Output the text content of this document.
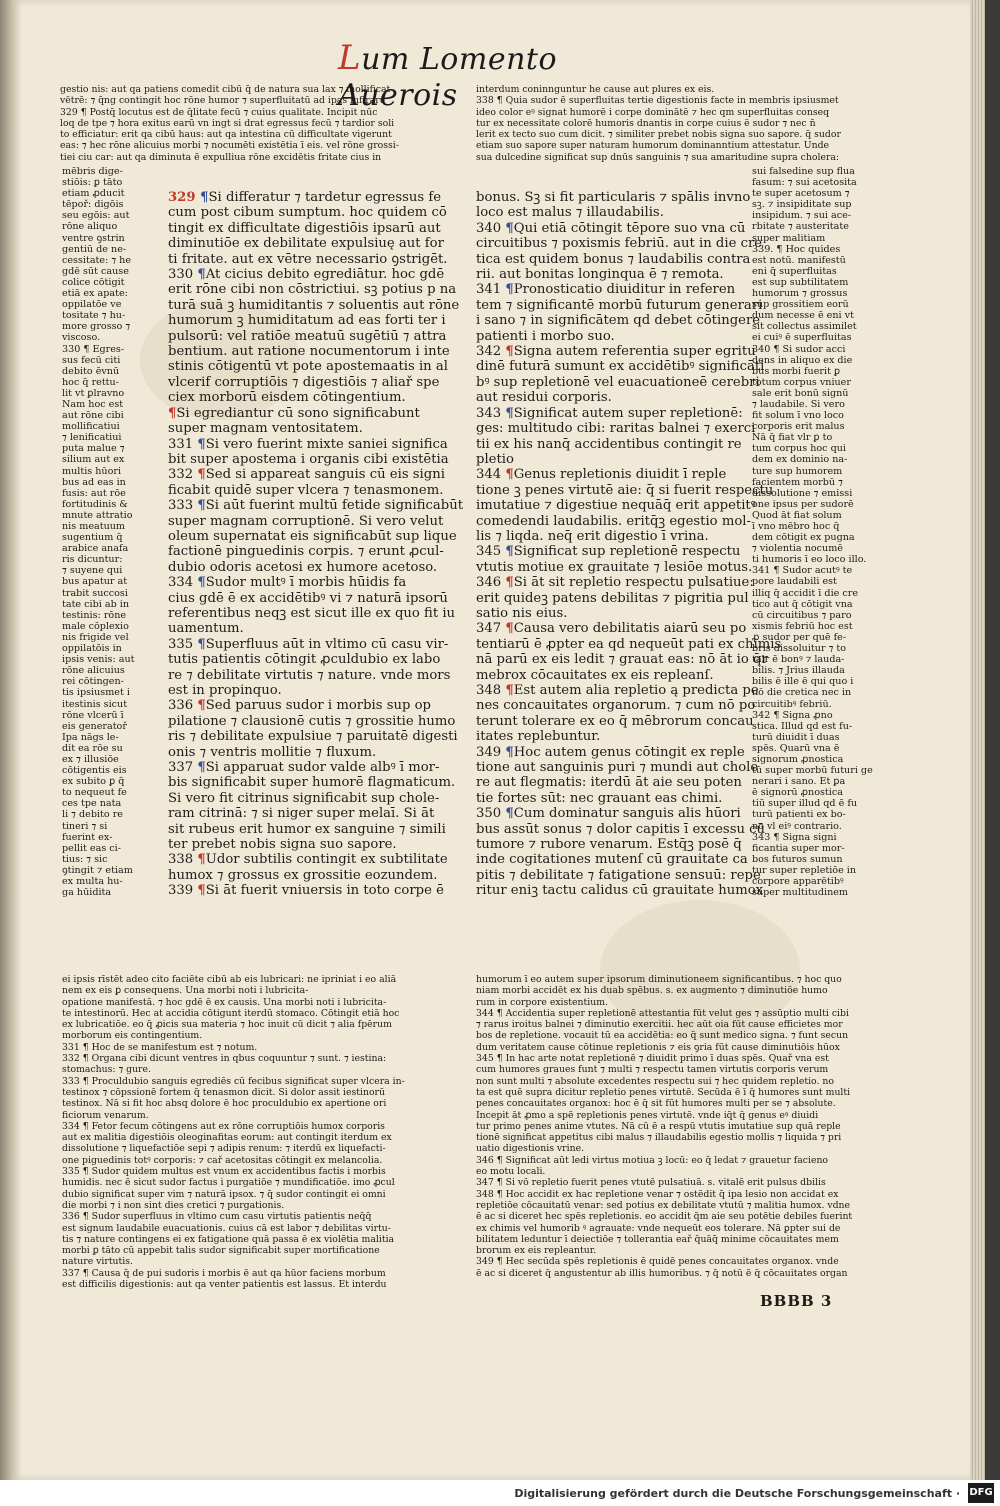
Lum Lomento Auerois

gestio nis: aut qa patiens comedit cibū q̄ de natura sua lax ⁊ mollificat

vētrē: ⁊ q̄ng contingit hoc rōne humor ⁊ superfluitatū ad ipas infirarū

329 ¶ Postq̄ locutus est de q̄litate fecū ⁊ cuius qualitate. Incipit nūc

loq de tpe ⁊ hora exitus earū vn ingt si drat egressus fecū ⁊ tardior soli

to efficiatur: erit qa cibū haus: aut qa intestina cū difficultate vigerunt

eas: ⁊ hec rōne alicuius morbi ⁊ nocumēti existētia ī eis. vel rōne grossi-

tiei ciu car: aut qa diminuta ē expulliua rōne excidētis fritate cius in

mēbris dige-

stiōis: ꝑ tāto

etiam ꝓducit

tēpoř: digōis

seu egōis: aut

rōne aliquo

ventre ꝯstrin

gentiū de ne-

cessitate: ⁊ he

gdē sūt cause

colice cōtigit

etiā ex apate:

oppilatōe ve

tositate ⁊ hu-

more grosso ⁊

viscoso.

330 ¶ Egres-

sus fecū citi

debito ēvnū

hoc q̄ rettu-

lit vt ꝑlravno

Nam hoc est

aut rōne cibi

mollificatiui

⁊ lenificatiui

puta malue ⁊

silium aut ex

multis hūori

bus ad eas in

fusis: aut rōe

fortitudinis &

mnute attratio

nis meatuum

sugentium q̄

arabice anafa

ris dicuntur:

⁊ suyene qui

bus apatur at

trabit succosi

tate cibi ab in

testinis: rōne

male cōplexio

nis frigide vel

oppilatōis in

ipsis venis: aut

rōne alicuius

rei cōtingen-

tis ipsiusmet i

itestinis sicut

rōne vlcerū ī

eis generatoř

Ipa nāgs le-

dit ea rōe su

ex ⁊ illusiōe

cōtigentis eis

ex subito ꝑ q̄

to nequeut fe

ces tpe nata

li ⁊ debito re

tineri ⁊ si

fuerint ex-

pellit eas ci-

tius: ⁊ sic

ꝯtingit ⁊ etiam

ex multa hu-

ga hūidita

329 ¶Si differatur ⁊ tardetur egressus fe

cum post cibum sumptum. hoc quidem cō

tingit ex difficultate digestiōis ipsarū aut

diminutiōe ex debilitate expulsiuę aut for

ti fritate. aut ex vētre necessario ꝯstrigēt.

330 ¶At cicius debito egrediātur. hoc gdē

erit rōne cibi non cōstrictiui. sꝫ potius p na

turā suā ꝫ humiditantis ⁊ soluentis aut rōne

humorum ꝫ humiditatum ad eas forti ter i

pulsorū: vel ratiōe meatuū sugētiū ⁊ attra

bentium. aut ratione nocumentorum i inte

stinis cōtigentū vt pote apostemaatis in al

vlcerif corruptiōis ⁊ digestiōis ⁊ aliař spe

ciex morborū eisdem cōtingentium.

¶Si egrediantur cū sono significabunt

super magnam ventositatem.

331 ¶Si vero fuerint mixte saniei significa

bit super apostema i organis cibi existētia

332 ¶Sed si appareat sanguis cū eis signi

ficabit quidē super vlcera ⁊ tenasmonem.

333 ¶Si aūt fuerint multū fetide significabūt

super magnam corruptionē. Si vero velut

oleum supernatat eis significabūt sup lique

factionē pinguedinis corpis. ⁊ erunt ꝓcul-

dubio odoris acetosi ex humore acetoso.

334 ¶Sudor multꝰ ī morbis hūidis fa

cius gdē ē ex accidētibꝰ vi ⁊ naturā ipsorū

referentibus neqꝫ est sicut ille ex quo fit iu

uamentum.

335 ¶Superfluus aūt in vltimo cū casu vir-

tutis patientis cōtingit ꝓculdubio ex labo

re ⁊ debilitate virtutis ⁊ nature. vnde mors

est in propinquo.

336 ¶Sed paruus sudor i morbis sup op

pilatione ⁊ clausionē cutis ⁊ grossitie humo

ris ⁊ debilitate expulsiue ⁊ paruitatē digesti

onis ⁊ ventris mollitie ⁊ fluxum.

337 ¶Si apparuat sudor valde albꝰ ī mor-

bis significabit super humorē flagmaticum.

Si vero fit citrinus significabit sup chole-

ram citrinā: ⁊ si niger super melaī. Si āt

sit rubeus erit humor ex sanguine ⁊ simili

ter prebet nobis signa suo sapore.

338 ¶Udor subtilis contingit ex subtilitate

humox ⁊ grossus ex grossitie eozundem.

339 ¶Si āt fuerit vniuersis in toto corpe ē

ei ipsis rīstēt adeo cito faciēte cibū ab eis lubricari: ne ipriniat i eo aliā

nem ex eis ꝑ consequens. Una morbi noti i lubricita-

opatione manifestā. ⁊ hoc gdē ē ex causis. Una morbi noti i lubricita-

te intestinorū. Hec at accidia cōtigunt iterdū stomaco. Cōtingit etiā hoc

ex lubricatiōe. eo q̄ ꝓicis sua materia ⁊ hoc inuit cū dicit ⁊ alia fpērum

morborum eis contingentium.

331 ¶ Hoc de se manifestum est ⁊ notum.

332 ¶ Organa cibi dicunt ventres in qbus coquuntur ⁊ sunt. ⁊ iestina:

stomachus: ⁊ gure.

333 ¶ Proculdubio sanguis egrediēs cū fecibus significat super vlcera in-

testinox ⁊ cōpssionē fortem q̄ tenasmon dicit. Si dolor assit iestinorū

testinox. Nā si fit hoc absq dolore ē hoc proculdubio ex apertione ori

ficiorum venarum.

334 ¶ Fetor fecum cōtingens aut ex rōne corruptiōis humox corporis

aut ex malitia digestiōis oleoginafitas eorum: aut contingit iterdum ex

dissolutione ⁊ liquefactiōe sepi ⁊ adipis renum: ⁊ iterdū ex liquefacti-

one piguedinis totꝰ corporis: ⁊ cař acetositas cōtingit ex melancolia.

335 ¶ Sudor quidem multus est vnum ex accidentibus factis i morbis

humidis. nec ē sicut sudor factus i purgatiōe ⁊ mundificatiōe. imo ꝓcul

dubio significat super vim ⁊ naturā ipsox. ⁊ q̄ sudor contingit ei omni

die morbi ⁊ i non sint dies cretici ⁊ purgationis.

336 ¶ Sudor superfluus in vltimo cum casu virtutis patientis neq̄q̄

est signum laudabile euacuationis. cuius cā est labor ⁊ debilitas virtu-

tis ⁊ nature contingens ei ex fatigatione quā passa ē ex violētia malitia

morbi ꝑ tāto cū appebit talis sudor significabit super mortificatione

nature virtutis.

337 ¶ Causa q̄ de pui sudoris i morbis ē aut qa hūor faciens morbum

est difficilis digestionis: aut qa venter patientis est lassus. Et interdu

interdum coninnguntur he cause aut plures ex eis.

338 ¶ Quia sudor ē superfluitas tertie digestionis facte in membris ipsiusmet

ideo color eꝰ signat humorē i corpe dominātē ⁊ hec qm superfluitas conseq

tur ex necessitate colorē humoris dnantis in corpe cuius ē sudor ⁊ nec n̄

lerit ex tecto suo cum dicit. ⁊ similiter prebet nobis signa suo sapore. q̄ sudor

etiam suo sapore super naturam humorum dominanntium attestatur. Unde

sua dulcedine significat sup dnūs sanguinis ⁊ sua amaritudine supra cholera:

bonus. Sꝫ si fit particularis ⁊ spālis invno

loco est malus ⁊ illaudabilis.

340 ¶Qui etiā cōtingit tēpore suo vna cū

circuitibus ⁊ poxismis febriū. aut in die cre

tica est quidem bonus ⁊ laudabilis contra

rii. aut bonitas longinqua ē ⁊ remota.

341 ¶Pronosticatio diuiditur in referen

tem ⁊ significantē morbū futurum generari

i sano ⁊ in significātem qd debet cōtingere

patienti i morbo suo.

342 ¶Signa autem referentia super egritu

dinē futurā sumunt ex accidētibꝰ significāti

bꝰ sup repletionē vel euacuationeē cerebri

aut residui corporis.

343 ¶Significat autem super repletionē:

ges: multitudo cibi: raritas balnei ⁊ exerci

tii ex his nanq̄ accidentibus contingit re

pletio

344 ¶Genus repletionis diuidit ī reple

tione ꝫ penes virtutē aie: q̄ si fuerit respectu

imutatiue ⁊ digestiue nequāq̄ erit appetitꝰ

comedendi laudabilis. eritq̄ꝫ egestio mol-

lis ⁊ liqda. neq̄ erit digestio ī vrina.

345 ¶Significat sup repletionē respectu

vtutis motiue ex grauitate ⁊ lesiōe motus.

346 ¶Si āt sit repletio respectu pulsatiue:

erit quideꝫ patens debilitas ⁊ pigritia pul

satio nis eius.

347 ¶Causa vero debilitatis aiarū seu po

tentiarū ē ꝓpter ea qd nequeūt pati ex chimis

nā parū ex eis ledit ⁊ grauat eas: nō āt io q̄r

mebrox cōcauitates ex eis repleanſ.

348 ¶Est autem alia repletio ą predicta pe

nes concauitates organorum. ⁊ cum nō po

terunt tolerare ex eo q̄ mēbrorum concau

itates replebuntur.

349 ¶Hoc autem genus cōtingit ex reple

tione aut sanguinis puri ⁊ mundi aut chole

re aut flegmatis: iterdū āt aie seu poten

tie fortes sūt: nec grauant eas chimi.

350 ¶Cum dominatur sanguis alis hūori

bus assūt sonus ⁊ dolor capitis ī excessu cū

tumore ⁊ rubore venarum. Estq̄ꝫ posē q̄

inde cogitationes mutenſ cū grauitate ca

pitis ⁊ debilitate ⁊ fatigatione sensuū: repe

ritur eniꝫ tactu calidus cū grauitate humox

sui falsedine sup flua

fasum: ⁊ sui acetosita

te super acetosum ⁊

sꝫ. ⁊ insipiditate sup

insipidum. ⁊ sui ace-

rbitate ⁊ austeritate

super malitiam

339. ¶ Hoc quides

est notū. manifestū

eni q̄ superfluitas

est sup subtilitatem

humorum ⁊ grossus

sup grossitiem eorū

dum necesse ē eni vt

sit collectus assimilet

ei cuiꝰ ē superfluitas

340 ¶ Si sudor acci

dens in aliquo ex die

bus morbi fuerit ꝑ

totum corpus vniuer

sale erit bonū signū

⁊ laudabile. Si vero

fit solum ī vno loco

corporis erit malus

Nā q̄ fiat vlr ꝑ to

tum corpus hoc qui

dem ex dominio na-

ture sup humorem

facientem morbū ⁊

dissolutione ⁊ emissi

one ipsus per sudorē

Quod āt fiat solum

ī vno mēbro hoc q̄

dem cōtigit ex pugna

⁊ violentia nocumē

ti humoris ī eo loco illo.

341 ¶ Sudor acutꝰ te

pore laudabili est

illiq q̄ accidit ī die cre

tico aut q̄ cōtigit vna

cū circuitibus ⁊ paro

xismis febriū hoc est

ꝓ sudor per quē fe-

bris dissoluitur ⁊ to

talr ē bonꝰ ⁊ lauda-

bilis. ⁊ Jrius illauda

bilis ē ille ē qui quo i

nō die cretica nec in

circuitibꝰ febriū.

342 ¶ Signa ꝓno

stica. Illud qd est fu-

turū diuidit ī duas

spēs. Quarū vna ē

signorum ꝓnostica

tū super morbū futuri ge

nerari i sano. Et ꝑa

ē signorū ꝓnostica

tiū super illud qd ē fu

turū patienti ex bo-

no vl eiꝰ contrario.

343 ¶ Signa signi

ficantia super mor-

bos futuros sumun

tur super repletiōe in

corpore apparētibꝰ

super multitudinem

humorum ī eo autem super ipsorum diminutioneem significantibus. ⁊ hoc quo

niam morbi accidēt ex his duab spēbus. s. ex augmento ⁊ diminutiōe humo

rum in corpore existentium.

344 ¶ Accidentia super repletionē attestantia fūt velut ges ⁊ assūptio multi cibi

⁊ rarus iroitus balnei ⁊ diminutio exercitii. hec aūt oia fūt cause efficietes mor

bos de repletione. vocauit tū ea accidētia: eo q̄ sunt medico signa. ⁊ funt secun

dum veritatem cause cōtinue repletionis ⁊ eis ꝯria fūt cause diminutiōis hūox

345 ¶ In hac arte notat repletionē ⁊ diuidit primo ī duas spēs. Quař vna est

cum humores graues funt ⁊ multi ⁊ respectu tamen virtutis corporis verum

non sunt multi ⁊ absolute excedentes respectu sui ⁊ hec quidem repletio. no

ta est quē supra dicitur repletio penes virtutē. Secūda ē ī q̄ humores sunt multi

penes concauitates organox: hoc ē q̄ sit fūt humores multi per se ⁊ absolute.

Incepit āt ꝓmo a spē repletionis penes virtutē. vnde iq̄t q̄ genus eꝰ diuidi

tur primo penes anime vtutes. Nā cū ē a respū vtutis imutatiue sup quā reple

tionē significat appetitus cibi malus ⁊ illaudabilis egestio mollis ⁊ liquida ⁊ pri

uatio digestionis vrine.

346 ¶ Significat aūt ledi virtus motiua ꝫ locū: eo q̄ ledat ⁊ grauetur facieno

eo motu locali.

347 ¶ Si vō repletio fuerit penes vtutē pulsatiuā. s. vitalē erit pulsus dbilis

348 ¶ Hoc accidit ex hac repletione venar ⁊ ostēdit q̄ ipa lesio non accidat ex

repletiōe cōcauitatū venar: sed potius ex debilitate vtutū ⁊ malitia humox. vdne

ē ac si diceret hec spēs repletionis. eo accidit q̄m aie seu potētie debiles fuerint

ex chimis vel humorib ꝰ agrauate: vnde nequeūt eos tolerare. Nā ꝑpter sui de

bilitatem leduntur ī deiectiōe ⁊ tollerantia eař q̄uāq̄ minime cōcauitates mem

brorum ex eis repleantur.

349 ¶ Hec secūda spēs repletionis ē quidē penes concauitates organox. vnde

ē ac si diceret q̄ angustentur ab illis humoribus. ⁊ q̄ notū ē q̄ cōcauitates organ

BBBB 3
Digitalisierung gefördert durch die Deutsche Forschungsgemeinschaft · DFG
